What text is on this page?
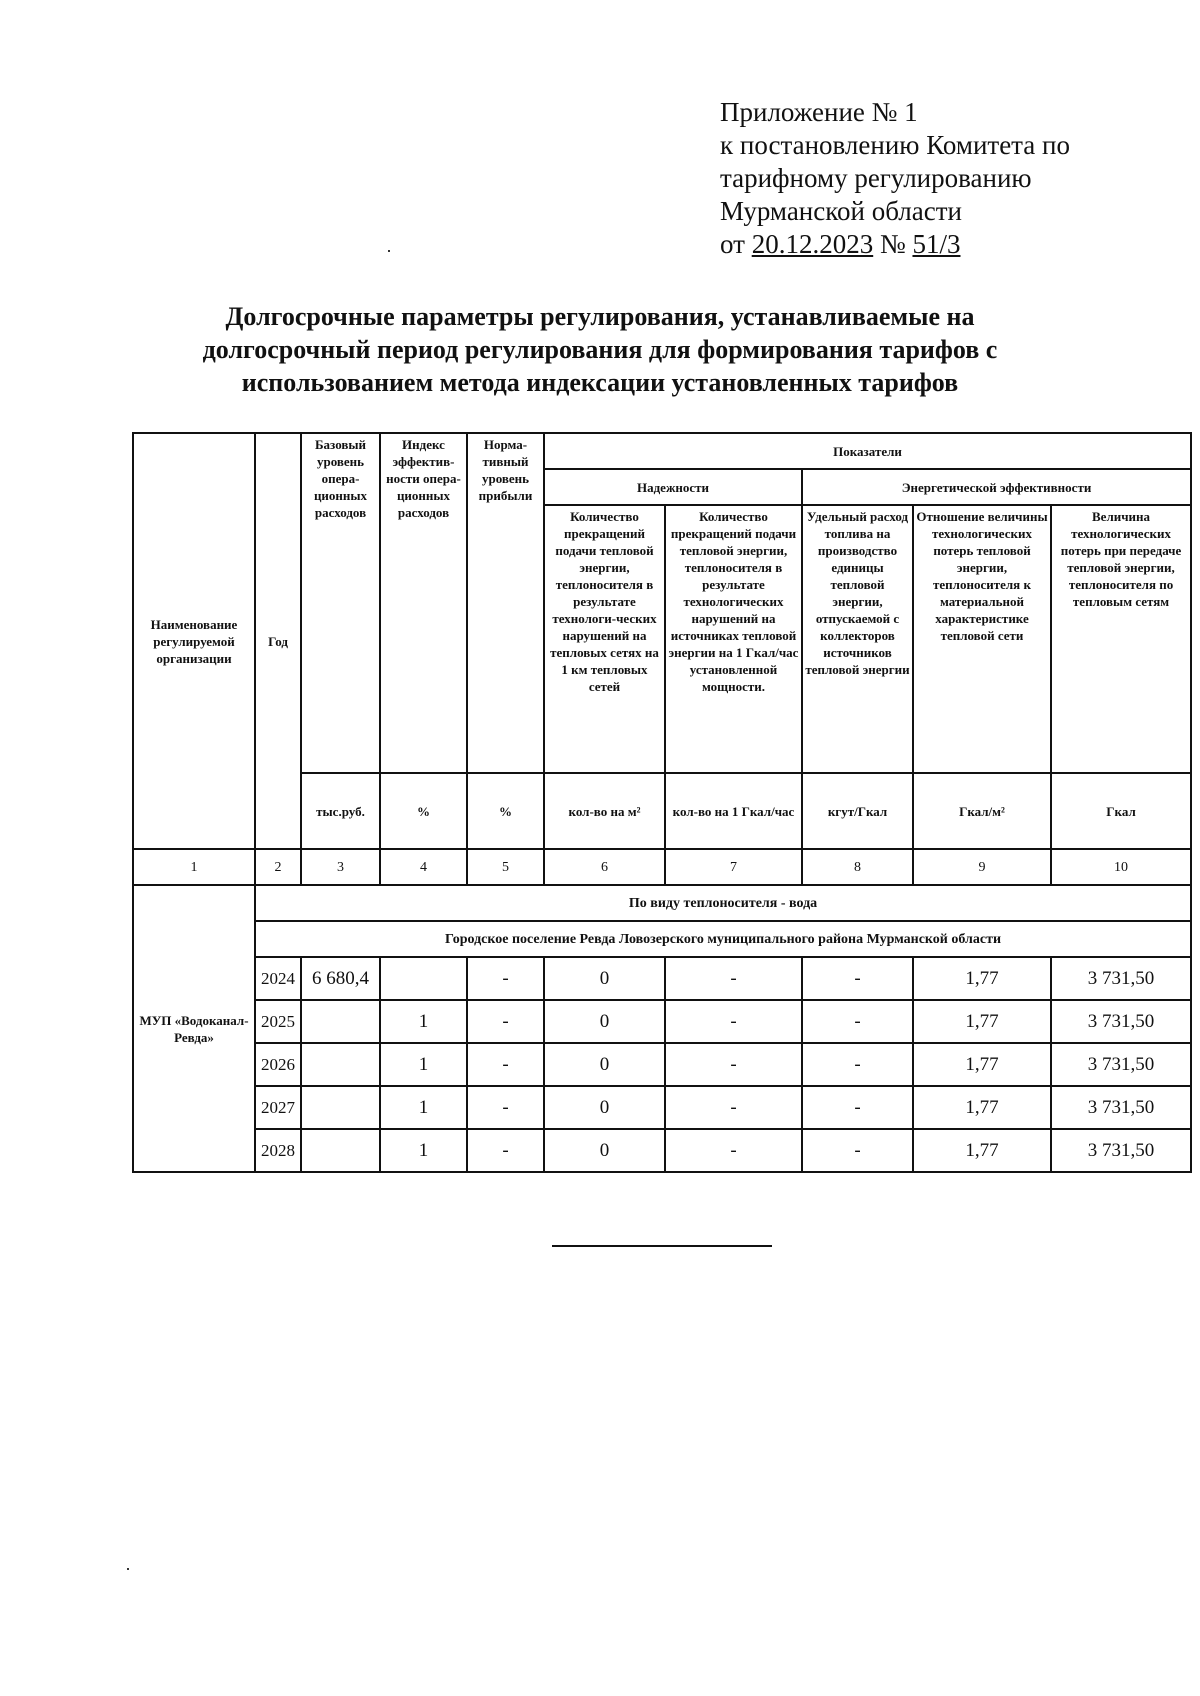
Приложение № 1
к постановлению Комитета по
тарифному регулированию
Мурманской области
от 20.12.2023 № 51/3
Долгосрочные параметры регулирования, устанавливаемые на
долгосрочный период регулирования для формирования тарифов с
использованием метода индексации установленных тарифов
Наименование регулируемой организации	Год	Базовый уровень опера-ционных расходов	Индекс эффектив-ности опера-ционных расходов	Норма-тивный уровень прибыли	Показатели				
					Надежности		Энергетической эффективности		
					Количество прекращений подачи тепловой энергии, теплоносителя в результате технологи-ческих нарушений на тепловых сетях на 1 км тепловых сетей	Количество прекращений подачи тепловой энергии, теплоносителя в результате технологических нарушений на источниках тепловой энергии на 1 Гкал/час установленной мощности.	Удельный расход топлива на производство единицы тепловой энергии, отпускаемой с коллекторов источников тепловой энергии	Отношение величины технологических потерь тепловой энергии, теплоносителя к материальной характеристике тепловой сети	Величина технологических потерь при передаче тепловой энергии, теплоносителя по тепловым сетям
		тыс.руб.	%	%	кол-во на м²	кол-во на 1 Гкал/час	кгут/Гкал	Гкал/м²	Гкал
1	2	3	4	5	6	7	8	9	10
МУП «Водоканал-Ревда»	По виду теплоносителя - вода								
	Городское поселение Ревда Ловозерского муниципального района Мурманской области								
	2024	6 680,4		-	0	-	-	1,77	3 731,50
	2025		1	-	0	-	-	1,77	3 731,50
	2026		1	-	0	-	-	1,77	3 731,50
	2027		1	-	0	-	-	1,77	3 731,50
	2028		1	-	0	-	-	1,77	3 731,50
